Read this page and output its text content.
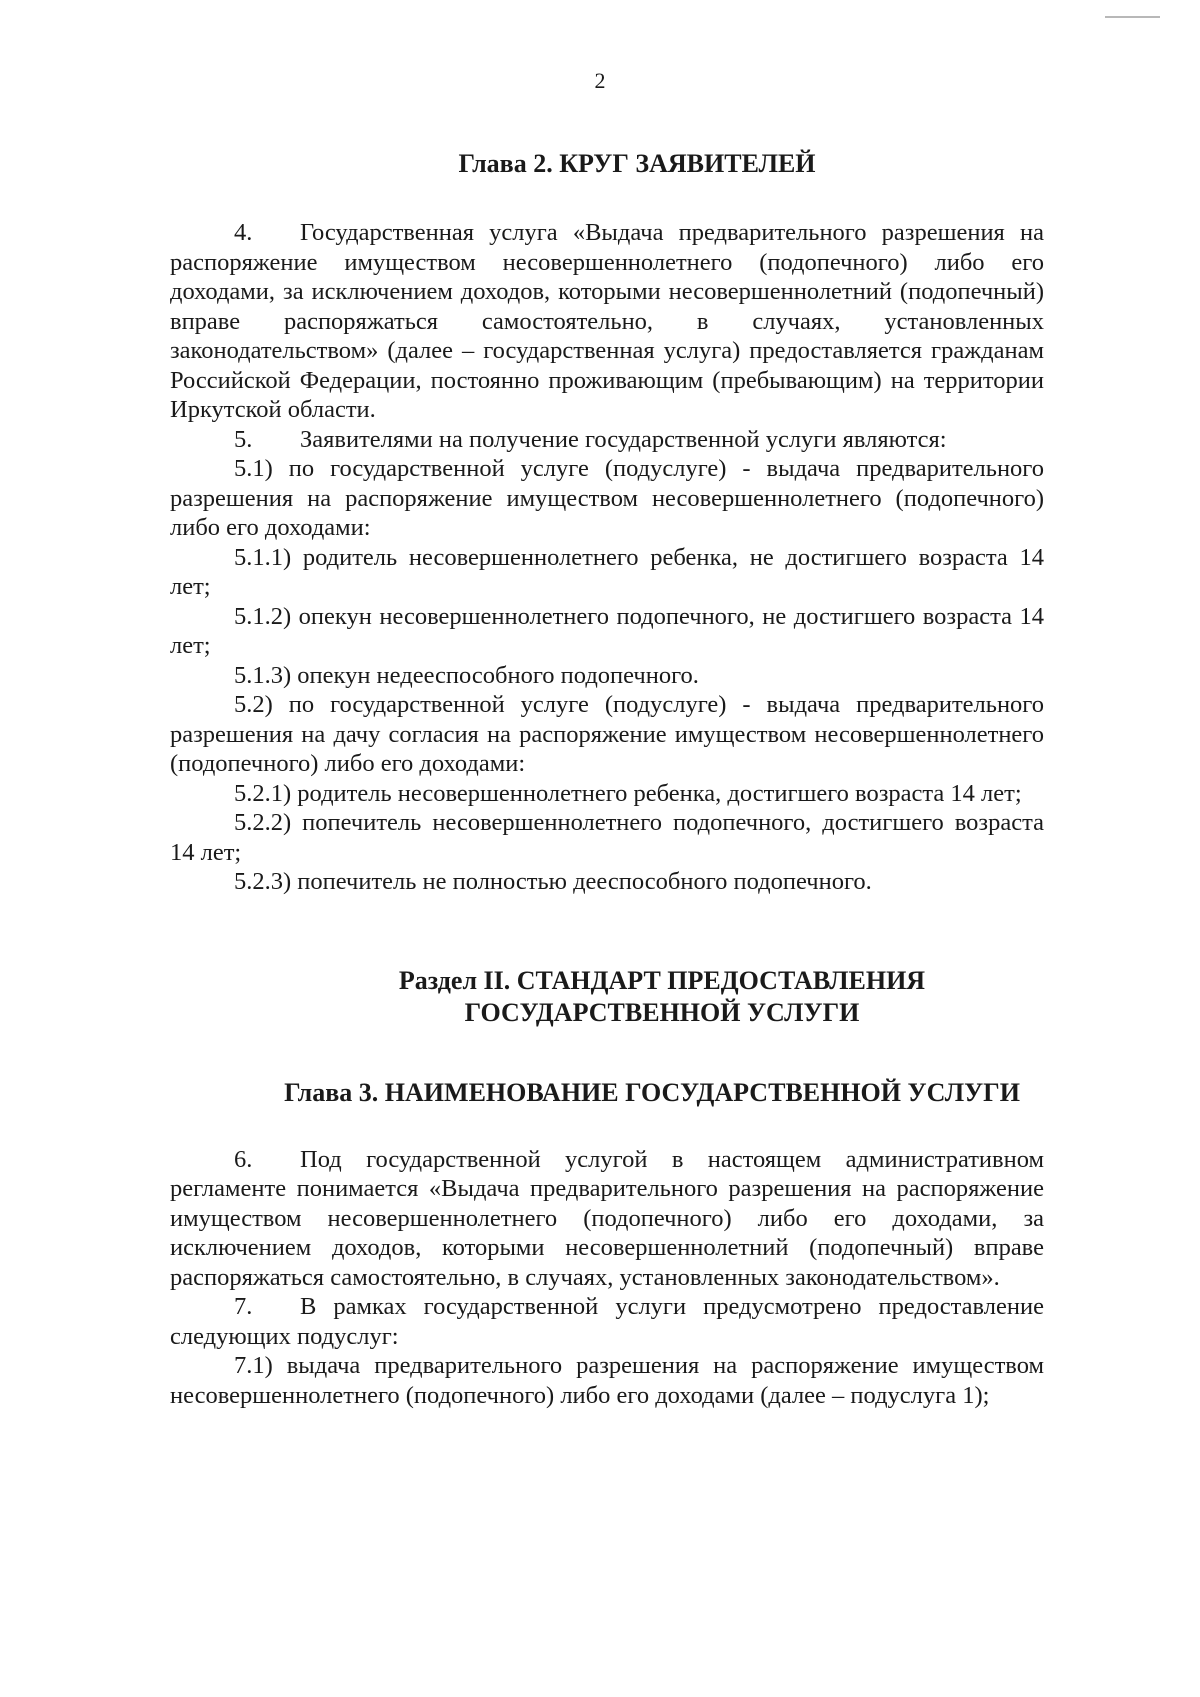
2
Глава 2. КРУГ ЗАЯВИТЕЛЕЙ

4. Государственная услуга «Выдача предварительного разрешения на распоряжение имуществом несовершеннолетнего (подопечного) либо его доходами, за исключением доходов, которыми несовершеннолетний (подопечный) вправе распоряжаться самостоятельно, в случаях, установленных законодательством» (далее – государственная услуга) предоставляется гражданам Российской Федерации, постоянно проживающим (пребывающим) на территории Иркутской области.

5. Заявителями на получение государственной услуги являются:

5.1) по государственной услуге (подуслуге) - выдача предварительного разрешения на распоряжение имуществом несовершеннолетнего (подопечного) либо его доходами:

5.1.1) родитель несовершеннолетнего ребенка, не достигшего возраста 14 лет;

5.1.2) опекун несовершеннолетнего подопечного, не достигшего возраста 14 лет;

5.1.3) опекун недееспособного подопечного.

5.2) по государственной услуге (подуслуге) - выдача предварительного разрешения на дачу согласия на распоряжение имуществом несовершеннолетнего (подопечного) либо его доходами:

5.2.1) родитель несовершеннолетнего ребенка, достигшего возраста 14 лет;

5.2.2) попечитель несовершеннолетнего подопечного, достигшего возраста 14 лет;

5.2.3) попечитель не полностью дееспособного подопечного.

Раздел II. СТАНДАРТ ПРЕДОСТАВЛЕНИЯ
ГОСУДАРСТВЕННОЙ УСЛУГИ
Глава 3. НАИМЕНОВАНИЕ ГОСУДАРСТВЕННОЙ УСЛУГИ

6. Под государственной услугой в настоящем административном регламенте понимается «Выдача предварительного разрешения на распоряжение имуществом несовершеннолетнего (подопечного) либо его доходами, за исключением доходов, которыми несовершеннолетний (подопечный) вправе распоряжаться самостоятельно, в случаях, установленных законодательством».

7. В рамках государственной услуги предусмотрено предоставление следующих подуслуг:

7.1) выдача предварительного разрешения на распоряжение имуществом несовершеннолетнего (подопечного) либо его доходами (далее – подуслуга 1);
